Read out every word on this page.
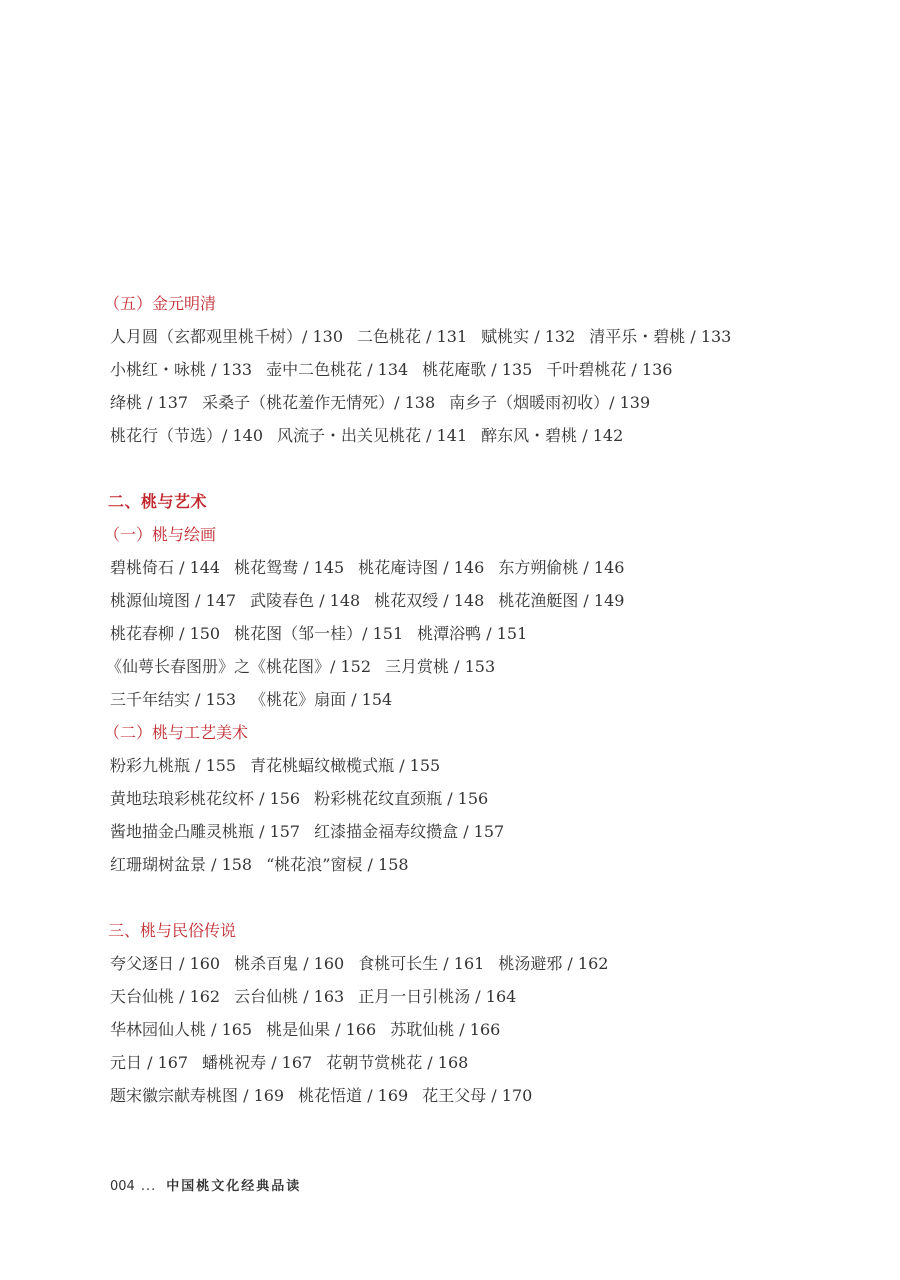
（五）金元明清
人月圆（玄都观里桃千树）/ 130 二色桃花 / 131 赋桃实 / 132 清平乐・碧桃 / 133
小桃红・咏桃 / 133 壶中二色桃花 / 134 桃花庵歌 / 135 千叶碧桃花 / 136
绛桃 / 137 采桑子（桃花羞作无情死）/ 138 南乡子（烟暖雨初收）/ 139
桃花行（节选）/ 140 风流子・出关见桃花 / 141 醉东风・碧桃 / 142
二、桃与艺术
（一）桃与绘画
碧桃倚石 / 144 桃花鸳鸯 / 145 桃花庵诗图 / 146 东方朔偷桃 / 146
桃源仙境图 / 147 武陵春色 / 148 桃花双绶 / 148 桃花渔艇图 / 149
桃花春柳 / 150 桃花图（邹一桂）/ 151 桃潭浴鸭 / 151
《仙萼长春图册》之《桃花图》/ 152 三月赏桃 / 153
三千年结实 / 153 《桃花》扇面 / 154
（二）桃与工艺美术
粉彩九桃瓶 / 155 青花桃蝠纹橄榄式瓶 / 155
黄地珐琅彩桃花纹杯 / 156 粉彩桃花纹直颈瓶 / 156
酱地描金凸雕灵桃瓶 / 157 红漆描金福寿纹攒盒 / 157
红珊瑚树盆景 / 158 “桃花浪”窗棂 / 158
三、桃与民俗传说
夸父逐日 / 160 桃杀百鬼 / 160 食桃可长生 / 161 桃汤避邪 / 162
天台仙桃 / 162 云台仙桃 / 163 正月一日引桃汤 / 164
华林园仙人桃 / 165 桃是仙果 / 166 苏耽仙桃 / 166
元日 / 167 蟠桃祝寿 / 167 花朝节赏桃花 / 168
题宋徽宗献寿桃图 / 169 桃花悟道 / 169 花王父母 / 170
004 ... 中国桃文化经典品读
